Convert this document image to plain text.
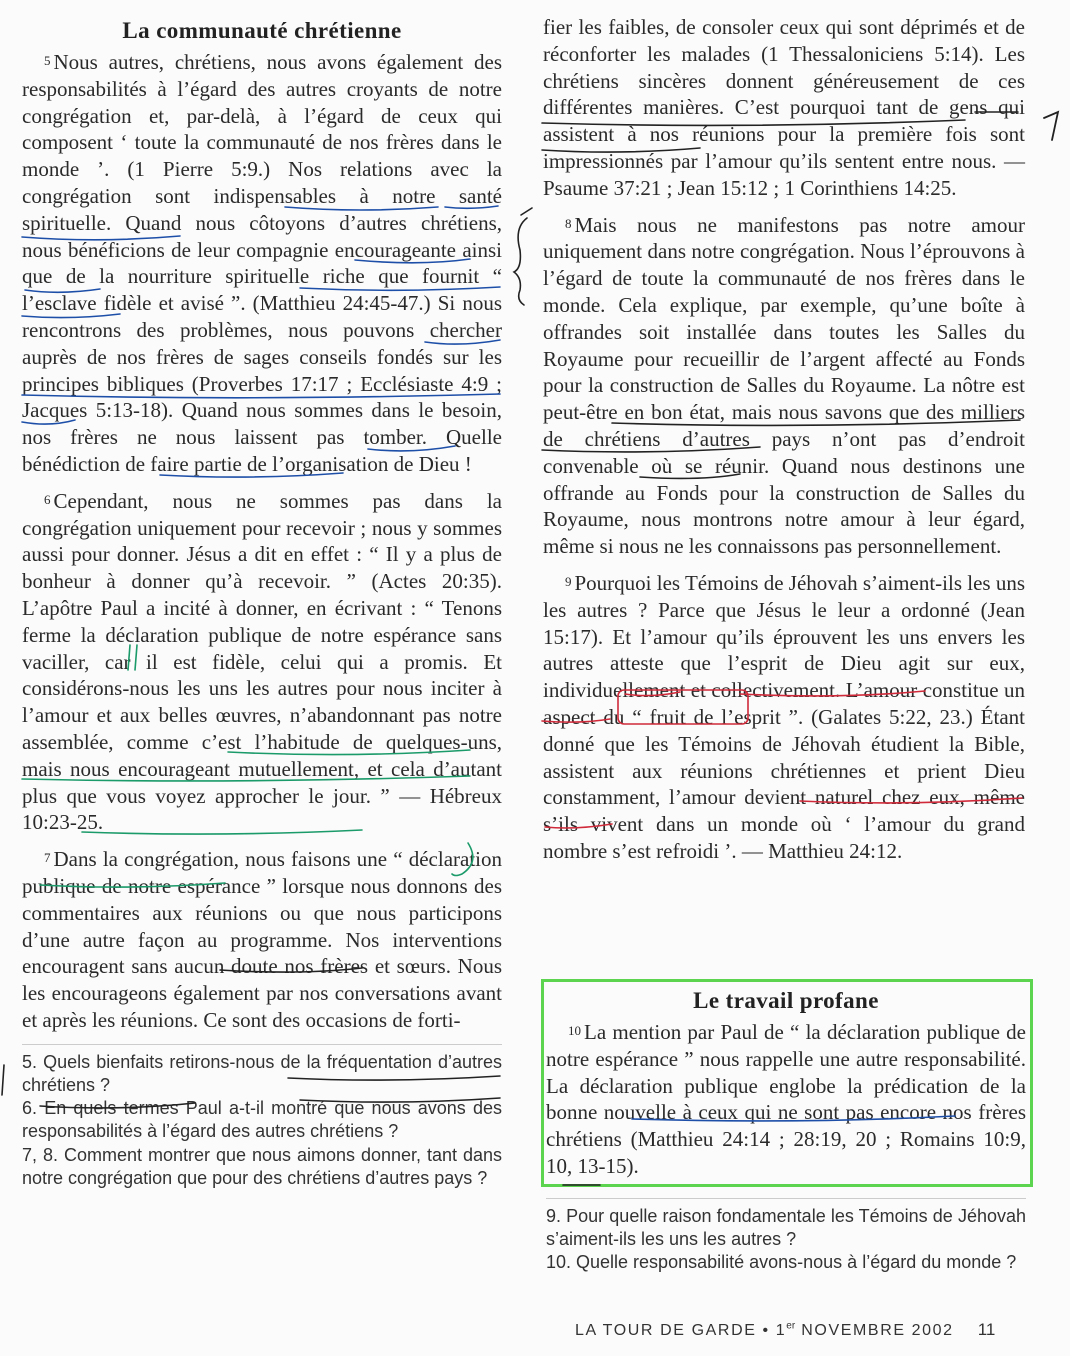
La communauté chrétienne

5 Nous autres, chrétiens, nous avons également des responsabilités à l’égard des autres croyants de notre congrégation et, par-delà, à l’égard de ceux qui composent ‘ toute la communauté de nos frères dans le monde ’. (1 Pierre 5:9.) Nos relations avec la congrégation sont indispensables à notre santé spirituelle. Quand nous côtoyons d’autres chrétiens, nous bénéficions de leur compagnie encourageante ainsi que de la nourriture spirituelle riche que fournit “ l’esclave fidèle et avisé ”. (Matthieu 24:45-47.) Si nous rencontrons des problèmes, nous pouvons chercher auprès de nos frères de sages conseils fondés sur les principes bibliques (Proverbes 17:17 ; Ecclésiaste 4:9 ; Jacques 5:13-18). Quand nous sommes dans le besoin, nos frères ne nous laissent pas tomber. Quelle bénédiction de faire partie de l’organisation de Dieu !

6 Cependant, nous ne sommes pas dans la congrégation uniquement pour recevoir ; nous y sommes aussi pour donner. Jésus a dit en effet : “ Il y a plus de bonheur à donner qu’à recevoir. ” (Actes 20:35). L’apôtre Paul a incité à donner, en écrivant : “ Tenons ferme la déclaration publique de notre espérance sans vaciller, car il est fidèle, celui qui a promis. Et considérons-nous les uns les autres pour nous inciter à l’amour et aux belles œuvres, n’abandonnant pas notre assemblée, comme c’est l’habitude de quelques-uns, mais nous encourageant mutuellement, et cela d’autant plus que vous voyez approcher le jour. ” — Hébreux 10:23-25.

7 Dans la congrégation, nous faisons une “ déclaration publique de notre espérance ” lorsque nous donnons des commentaires aux réunions ou que nous participons d’une autre façon au programme. Nos interventions encouragent sans aucun doute nos frères et sœurs. Nous les encourageons également par nos conversations avant et après les réunions. Ce sont des occasions de forti-

5. Quels bienfaits retirons-nous de la fréquentation d’autres chrétiens ?

6. En quels termes Paul a-t-il montré que nous avons des responsabilités à l’égard des autres chrétiens ?

7, 8. Comment montrer que nous aimons donner, tant dans notre congrégation que pour des chrétiens d’autres pays ?

fier les faibles, de consoler ceux qui sont déprimés et de réconforter les malades (1 Thessaloniciens 5:14). Les chrétiens sincères donnent généreusement de ces différentes manières. C’est pourquoi tant de gens qui assistent à nos réunions pour la première fois sont impressionnés par l’amour qu’ils sentent entre nous. — Psaume 37:21 ; Jean 15:12 ; 1 Corinthiens 14:25.

8 Mais nous ne manifestons pas notre amour uniquement dans notre congrégation. Nous l’éprouvons à l’égard de toute la communauté de nos frères dans le monde. Cela explique, par exemple, qu’une boîte à offrandes soit installée dans toutes les Salles du Royaume pour recueillir de l’argent affecté au Fonds pour la construction de Salles du Royaume. La nôtre est peut-être en bon état, mais nous savons que des milliers de chrétiens d’autres pays n’ont pas d’endroit convenable où se réunir. Quand nous destinons une offrande au Fonds pour la construction de Salles du Royaume, nous montrons notre amour à leur égard, même si nous ne les connaissons pas personnellement.

9 Pourquoi les Témoins de Jéhovah s’aiment-ils les uns les autres ? Parce que Jésus le leur a ordonné (Jean 15:17). Et l’amour qu’ils éprouvent les uns envers les autres atteste que l’esprit de Dieu agit sur eux, individuellement et collectivement. L’amour constitue un aspect du “ fruit de l’esprit ”. (Galates 5:22, 23.) Étant donné que les Témoins de Jéhovah étudient la Bible, assistent aux réunions chrétiennes et prient Dieu constamment, l’amour devient naturel chez eux, même s’ils vivent dans un monde où ‘ l’amour du grand nombre s’est refroidi ’. — Matthieu 24:12.

Le travail profane

10 La mention par Paul de “ la déclaration publique de notre espérance ” nous rappelle une autre responsabilité. La déclaration publique englobe la prédication de la bonne nouvelle à ceux qui ne sont pas encore nos frères chrétiens (Matthieu 24:14 ; 28:19, 20 ; Romains 10:9, 10, 13-15).

9. Pour quelle raison fondamentale les Témoins de Jéhovah s’aiment-ils les uns les autres ?

10. Quelle responsabilité avons-nous à l’égard du monde ?

LA TOUR DE GARDE • 1er NOVEMBRE 2002 11
